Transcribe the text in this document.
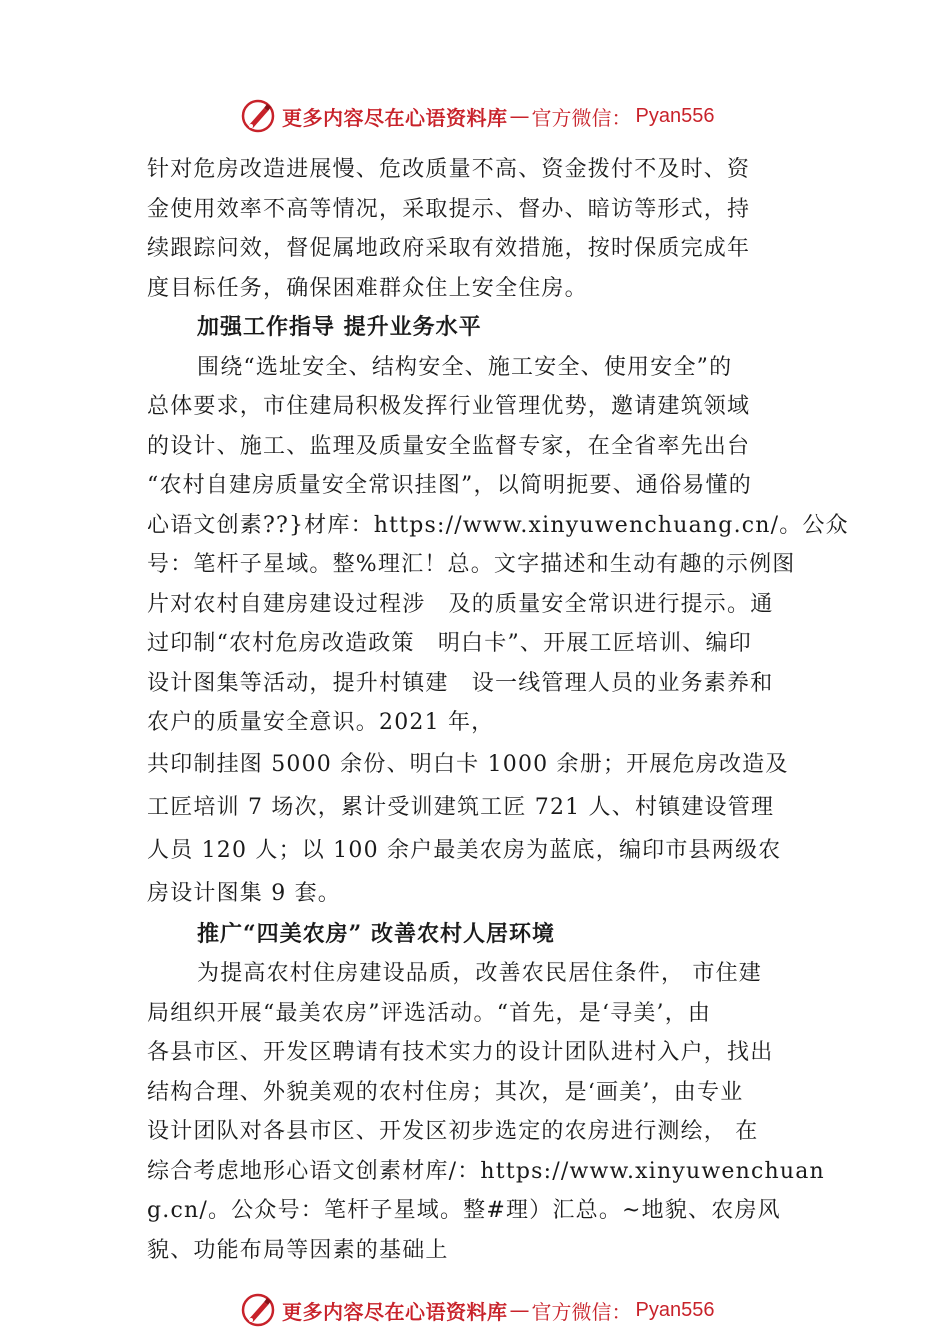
更多内容尽在心语资料库 — 官方微信： Pyan556
针对危房改造进展慢、危改质量不高、资金拨付不及时、资
金使用效率不高等情况，采取提示、督办、暗访等形式，持
续跟踪问效，督促属地政府采取有效措施，按时保质完成年
度目标任务，确保困难群众住上安全住房。
加强工作指导 提升业务水平
围绕“选址安全、结构安全、施工安全、使用安全”的
总体要求，市住建局积极发挥行业管理优势，邀请建筑领域
的设计、施工、监理及质量安全监督专家，在全省率先出台
“农村自建房质量安全常识挂图”，以简明扼要、通俗易懂的
心语文创素??}材库：https://www.xinyuwenchuang.cn/。公众
号：笔杆子星域。整%理汇！总。文字描述和生动有趣的示例图
片对农村自建房建设过程涉　及的质量安全常识进行提示。通
过印制“农村危房改造政策　明白卡”、开展工匠培训、编印
设计图集等活动，提升村镇建　设一线管理人员的业务素养和
农户的质量安全意识。2021 年，
共印制挂图 5000 余份、明白卡 1000 余册；开展危房改造及
工匠培训 7 场次，累计受训建筑工匠 721 人、村镇建设管理
人员 120 人；以 100 余户最美农房为蓝底，编印市县两级农
房设计图集 9 套。
推广“四美农房” 改善农村人居环境
为提高农村住房建设品质，改善农民居住条件， 市住建
局组织开展“最美农房”评选活动。“首先，是‘寻美’，由
各县市区、开发区聘请有技术实力的设计团队进村入户，找出
结构合理、外貌美观的农村住房；其次，是‘画美’，由专业
设计团队对各县市区、开发区初步选定的农房进行测绘， 在
综合考虑地形心语文创素材库/：https://www.xinyuwenchuan
g.cn/。公众号：笔杆子星域。整#理）汇总。~地貌、农房风
貌、功能布局等因素的基础上
更多内容尽在心语资料库 — 官方微信： Pyan556
